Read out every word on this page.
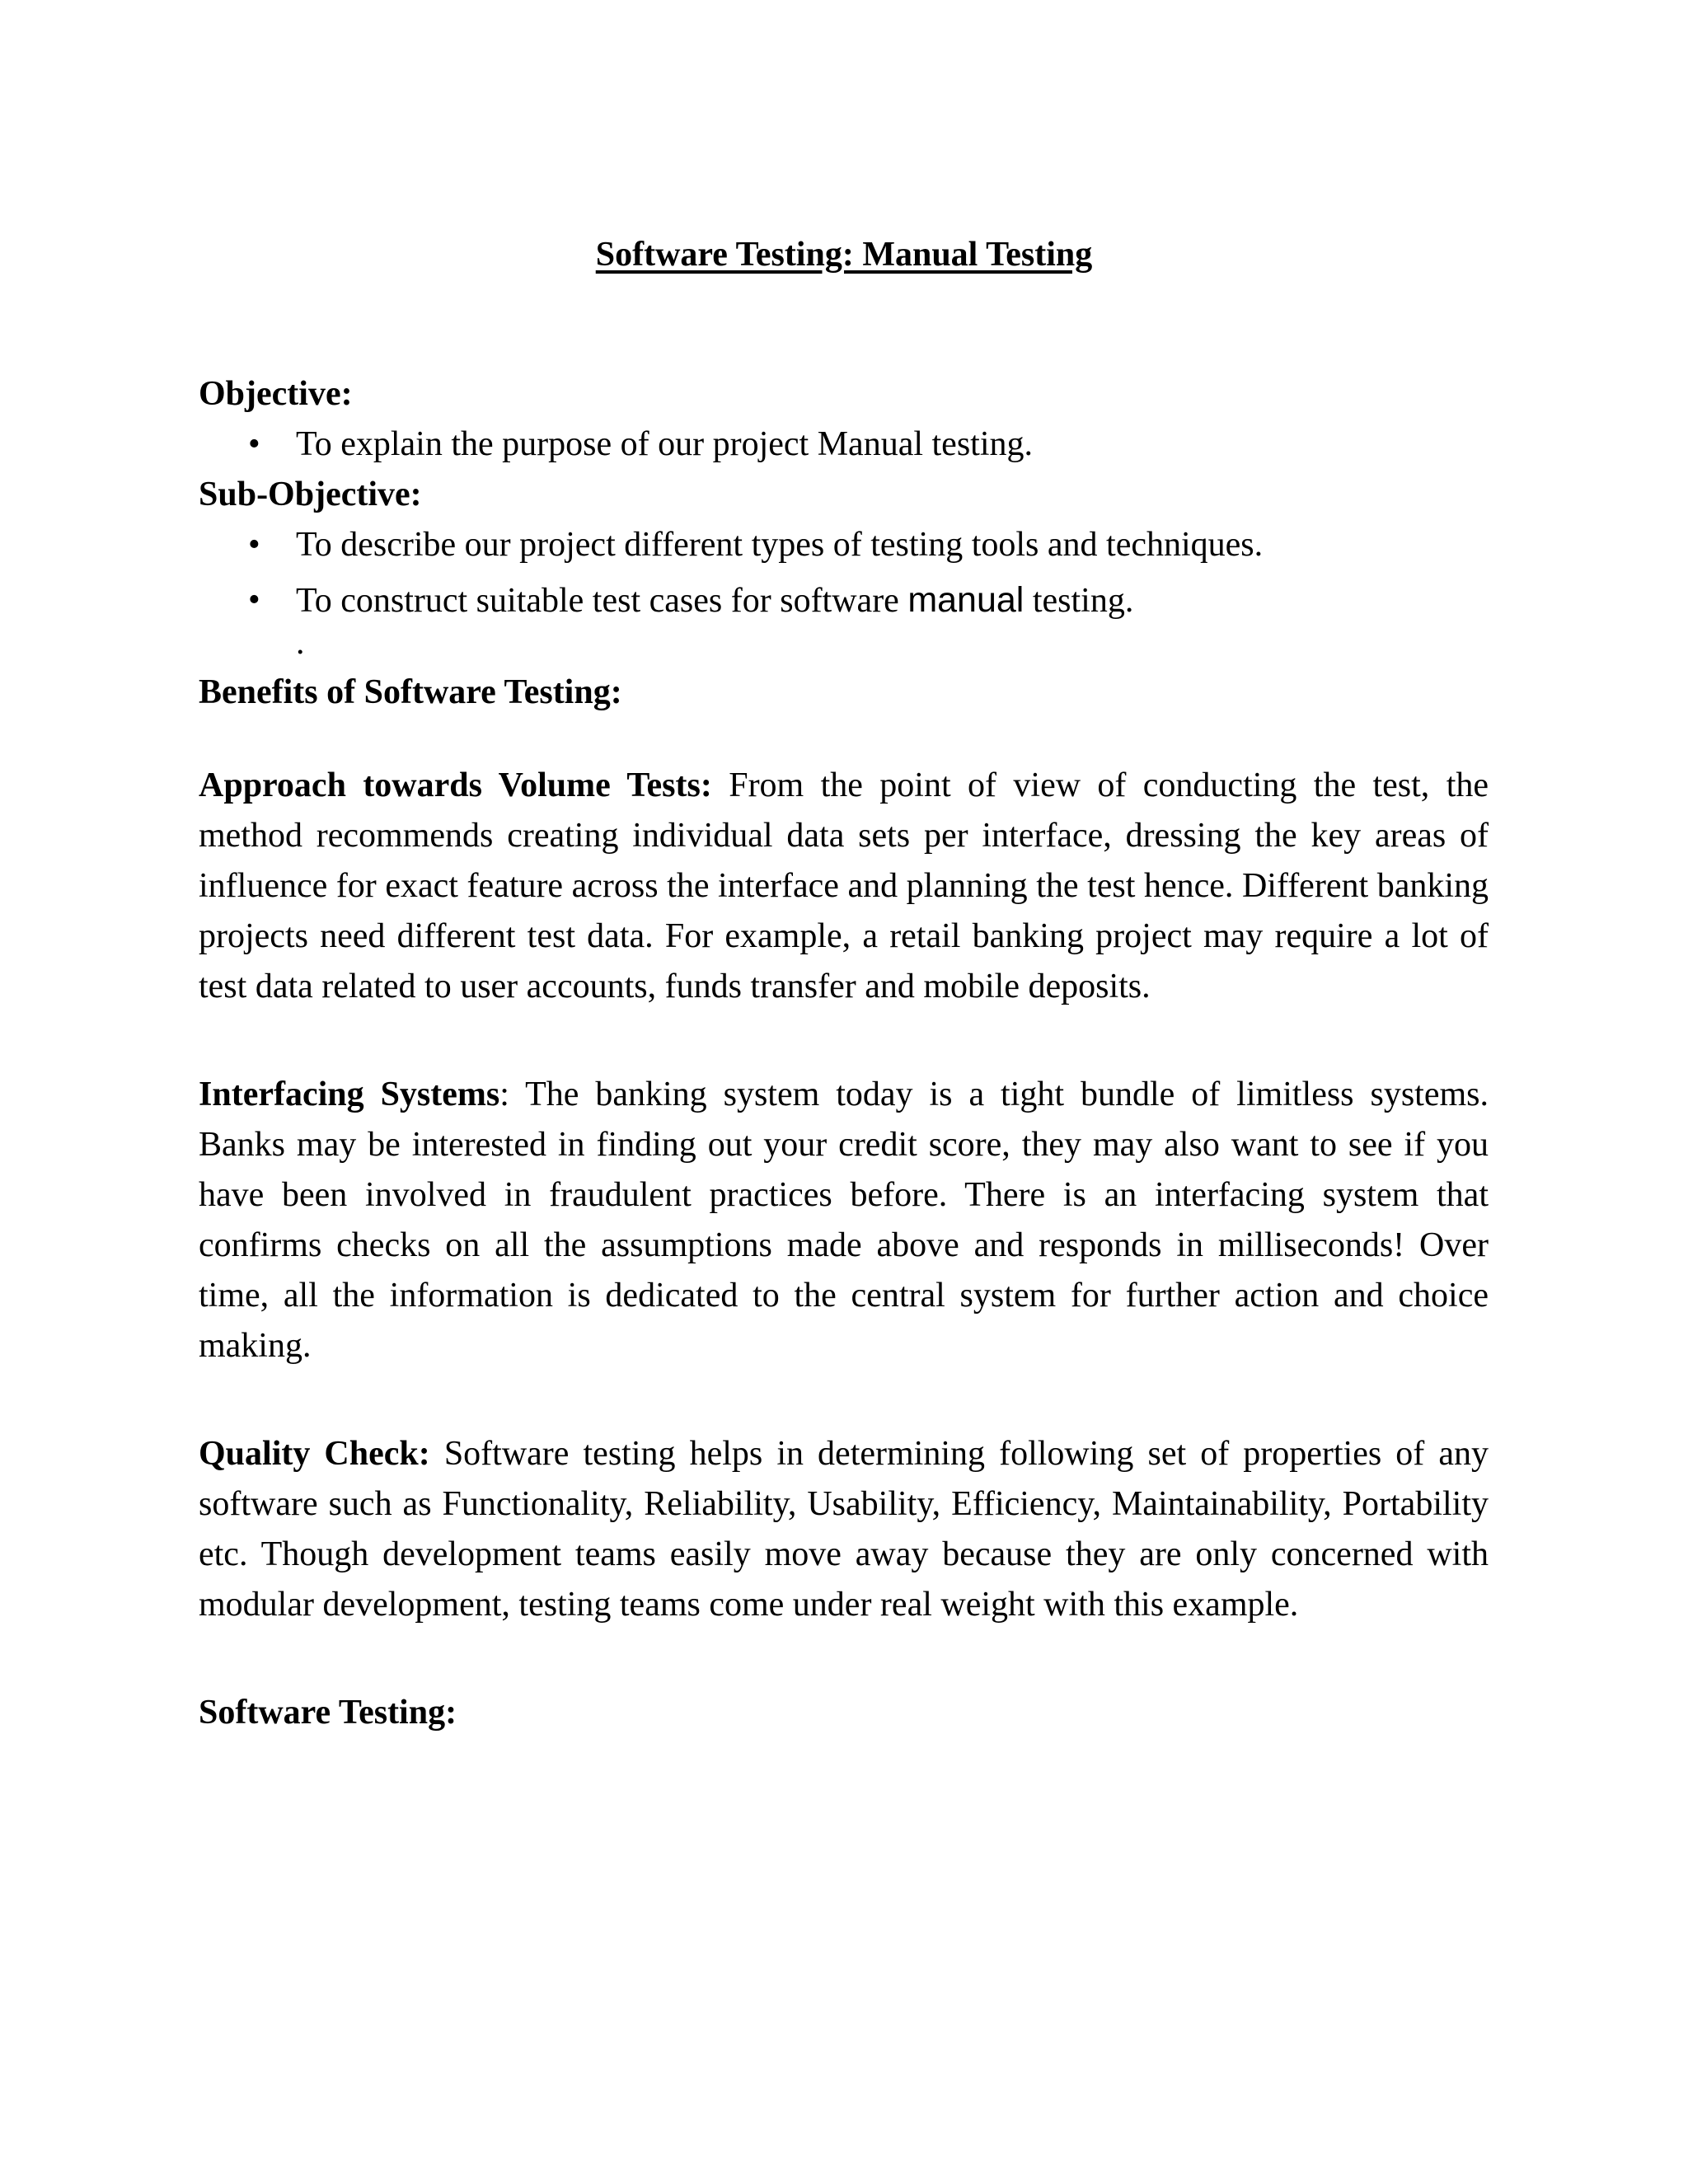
Software Testing: Manual Testing

Objective:

• To explain the purpose of our project Manual testing.

Sub-Objective:

• To describe our project different types of testing tools and techniques.
• To construct suitable test cases for software manual testing.
.

Benefits of Software Testing:

Approach towards Volume Tests: From the point of view of conducting the test, the method recommends creating individual data sets per interface, dressing the key areas of influence for exact feature across the interface and planning the test hence. Different banking projects need different test data. For example, a retail banking project may require a lot of test data related to user accounts, funds transfer and mobile deposits.

Interfacing Systems: The banking system today is a tight bundle of limitless systems. Banks may be interested in finding out your credit score, they may also want to see if you have been involved in fraudulent practices before. There is an interfacing system that confirms checks on all the assumptions made above and responds in milliseconds! Over time, all the information is dedicated to the central system for further action and choice making.

Quality Check: Software testing helps in determining following set of properties of any software such as Functionality, Reliability, Usability, Efficiency, Maintainability, Portability etc. Though development teams easily move away because they are only concerned with modular development, testing teams come under real weight with this example.

Software Testing:
